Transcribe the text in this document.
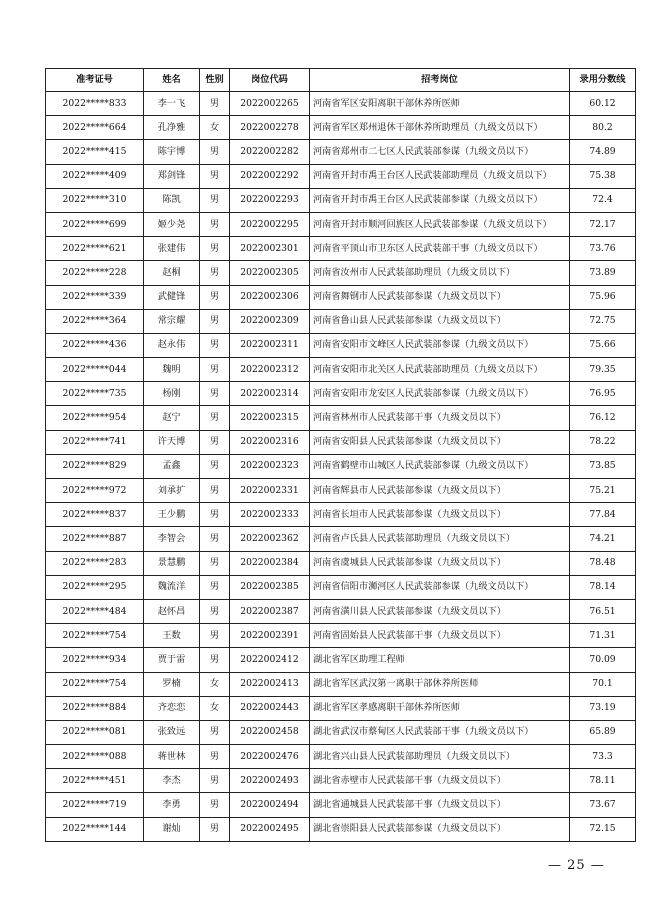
准考证号	姓名	性别	岗位代码	招考岗位	录用分数线
2022*****833	李一飞	男	2022002265	河南省军区安阳离职干部休养所医师	60.12
2022*****664	孔净雅	女	2022002278	河南省军区郑州退休干部休养所助理员（九级文员以下）	80.2
2022*****415	陈宇博	男	2022002282	河南省郑州市二七区人民武装部参谋（九级文员以下）	74.89
2022*****409	郑剑锋	男	2022002292	河南省开封市禹王台区人民武装部助理员（九级文员以下）	75.38
2022*****310	陈凯	男	2022002293	河南省开封市禹王台区人民武装部参谋（九级文员以下）	72.4
2022*****699	姬少尧	男	2022002295	河南省开封市顺河回族区人民武装部参谋（九级文员以下）	72.17
2022*****621	张建伟	男	2022002301	河南省平顶山市卫东区人民武装部干事（九级文员以下）	73.76
2022*****228	赵桐	男	2022002305	河南省汝州市人民武装部助理员（九级文员以下）	73.89
2022*****339	武健锋	男	2022002306	河南省舞钢市人民武装部参谋（九级文员以下）	75.96
2022*****364	常宗耀	男	2022002309	河南省鲁山县人民武装部参谋（九级文员以下）	72.75
2022*****436	赵永伟	男	2022002311	河南省安阳市文峰区人民武装部参谋（九级文员以下）	75.66
2022*****044	魏明	男	2022002312	河南省安阳市北关区人民武装部助理员（九级文员以下）	79.35
2022*****735	杨刚	男	2022002314	河南省安阳市龙安区人民武装部参谋（九级文员以下）	76.95
2022*****954	赵宁	男	2022002315	河南省林州市人民武装部干事（九级文员以下）	76.12
2022*****741	许天博	男	2022002316	河南省安阳县人民武装部参谋（九级文员以下）	78.22
2022*****829	孟鑫	男	2022002323	河南省鹤壁市山城区人民武装部参谋（九级文员以下）	73.85
2022*****972	刘承扩	男	2022002331	河南省辉县市人民武装部参谋（九级文员以下）	75.21
2022*****837	王少鹏	男	2022002333	河南省长垣市人民武装部参谋（九级文员以下）	77.84
2022*****887	李智会	男	2022002362	河南省卢氏县人民武装部助理员（九级文员以下）	74.21
2022*****283	景慧鹏	男	2022002384	河南省虞城县人民武装部参谋（九级文员以下）	78.48
2022*****295	魏流洋	男	2022002385	河南省信阳市浉河区人民武装部参谋（九级文员以下）	78.14
2022*****484	赵怀昌	男	2022002387	河南省潢川县人民武装部参谋（九级文员以下）	76.51
2022*****754	王数	男	2022002391	河南省固始县人民武装部干事（九级文员以下）	71.31
2022*****934	贾于雷	男	2022002412	湖北省军区助理工程师	70.09
2022*****754	罗楠	女	2022002413	湖北省军区武汉第一离职干部休养所医师	70.1
2022*****884	齐恋恋	女	2022002443	湖北省军区孝感离职干部休养所医师	73.19
2022*****081	张致远	男	2022002458	湖北省武汉市蔡甸区人民武装部干事（九级文员以下）	65.89
2022*****088	蒋世林	男	2022002476	湖北省兴山县人民武装部助理员（九级文员以下）	73.3
2022*****451	李杰	男	2022002493	湖北省赤壁市人民武装部干事（九级文员以下）	78.11
2022*****719	李勇	男	2022002494	湖北省通城县人民武装部干事（九级文员以下）	73.67
2022*****144	谢灿	男	2022002495	湖北省崇阳县人民武装部参谋（九级文员以下）	72.15
— 25 —
